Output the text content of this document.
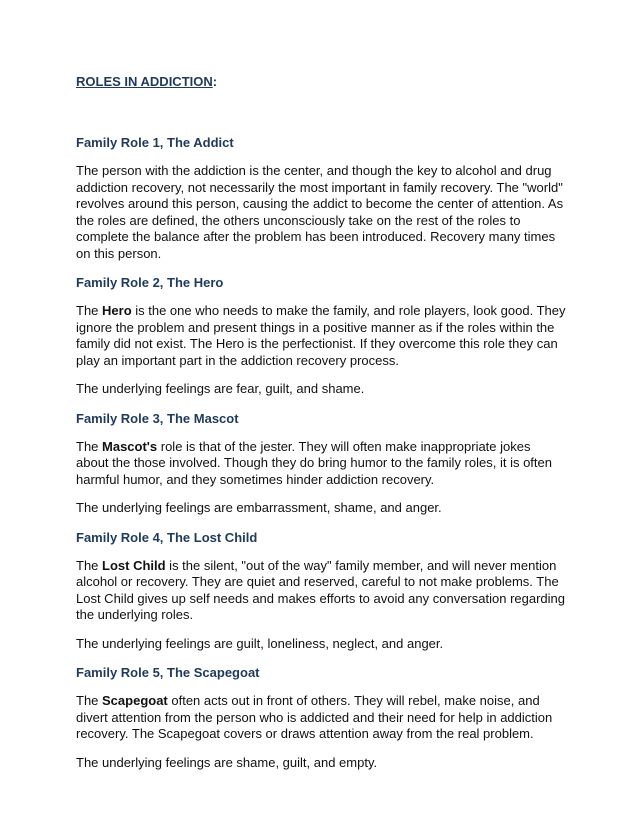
ROLES IN ADDICTION:
Family Role 1, The Addict
The person with the addiction is the center, and though the key to alcohol and drug addiction recovery, not necessarily the most important in family recovery. The "world" revolves around this person, causing the addict to become the center of attention. As the roles are defined, the others unconsciously take on the rest of the roles to complete the balance after the problem has been introduced. Recovery many times on this person.
Family Role 2, The Hero
The Hero is the one who needs to make the family, and role players, look good. They ignore the problem and present things in a positive manner as if the roles within the family did not exist. The Hero is the perfectionist. If they overcome this role they can play an important part in the addiction recovery process.
The underlying feelings are fear, guilt, and shame.
Family Role 3, The Mascot
The Mascot's role is that of the jester. They will often make inappropriate jokes about the those involved. Though they do bring humor to the family roles, it is often harmful humor, and they sometimes hinder addiction recovery.
The underlying feelings are embarrassment, shame, and anger.
Family Role 4, The Lost Child
The Lost Child is the silent, "out of the way" family member, and will never mention alcohol or recovery. They are quiet and reserved, careful to not make problems. The Lost Child gives up self needs and makes efforts to avoid any conversation regarding the underlying roles.
The underlying feelings are guilt, loneliness, neglect, and anger.
Family Role 5, The Scapegoat
The Scapegoat often acts out in front of others. They will rebel, make noise, and divert attention from the person who is addicted and their need for help in addiction recovery. The Scapegoat covers or draws attention away from the real problem.
The underlying feelings are shame, guilt, and empty.
